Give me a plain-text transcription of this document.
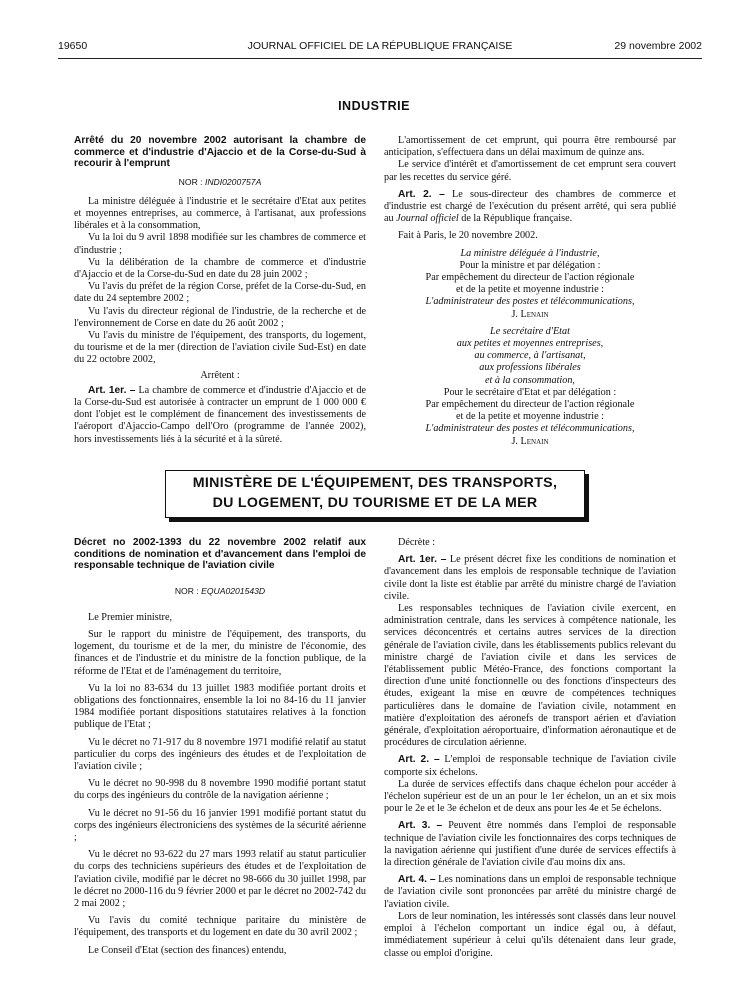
19650	JOURNAL OFFICIEL DE LA RÉPUBLIQUE FRANÇAISE	29 novembre 2002
INDUSTRIE

Arrêté du 20 novembre 2002 autorisant la chambre de commerce et d'industrie d'Ajaccio et de la Corse-du-Sud à recourir à l'emprunt

NOR : INDI0200757A

La ministre déléguée à l'industrie et le secrétaire d'Etat aux petites et moyennes entreprises, au commerce, à l'artisanat, aux professions libérales et à la consommation,

Vu la loi du 9 avril 1898 modifiée sur les chambres de commerce et d'industrie ;

Vu la délibération de la chambre de commerce et d'industrie d'Ajaccio et de la Corse-du-Sud en date du 28 juin 2002 ;

Vu l'avis du préfet de la région Corse, préfet de la Corse-du-Sud, en date du 24 septembre 2002 ;

Vu l'avis du directeur régional de l'industrie, de la recherche et de l'environnement de Corse en date du 26 août 2002 ;

Vu l'avis du ministre de l'équipement, des transports, du logement, du tourisme et de la mer (direction de l'aviation civile Sud-Est) en date du 22 octobre 2002,

Arrêtent :

Art. 1er. – La chambre de commerce et d'industrie d'Ajaccio et de la Corse-du-Sud est autorisée à contracter un emprunt de 1 000 000 € dont l'objet est le complément de financement des investissements de l'aéroport d'Ajaccio-Campo dell'Oro (programme de l'année 2002), hors investissements liés à la sécurité et à la sûreté.

L'amortissement de cet emprunt, qui pourra être remboursé par anticipation, s'effectuera dans un délai maximum de quinze ans.

Le service d'intérêt et d'amortissement de cet emprunt sera couvert par les recettes du service géré.

Art. 2. – Le sous-directeur des chambres de commerce et d'industrie est chargé de l'exécution du présent arrêté, qui sera publié au Journal officiel de la République française.

Fait à Paris, le 20 novembre 2002.

La ministre déléguée à l'industrie,
Pour la ministre et par délégation :
Par empêchement du directeur de l'action régionale
et de la petite et moyenne industrie :
L'administrateur des postes et télécommunications,
J. Lenain
Le secrétaire d'Etat
aux petites et moyennes entreprises,
au commerce, à l'artisanat,
aux professions libérales
et à la consommation,
Pour le secrétaire d'Etat et par délégation :
Par empêchement du directeur de l'action régionale
et de la petite et moyenne industrie :
L'administrateur des postes et télécommunications,
J. Lenain
MINISTÈRE DE L'ÉQUIPEMENT, DES TRANSPORTS,
DU LOGEMENT, DU TOURISME ET DE LA MER

Décret no 2002-1393 du 22 novembre 2002 relatif aux conditions de nomination et d'avancement dans l'emploi de responsable technique de l'aviation civile

NOR : EQUA0201543D

Le Premier ministre,

Sur le rapport du ministre de l'équipement, des transports, du logement, du tourisme et de la mer, du ministre de l'économie, des finances et de l'industrie et du ministre de la fonction publique, de la réforme de l'Etat et de l'aménagement du territoire,

Vu la loi no 83-634 du 13 juillet 1983 modifiée portant droits et obligations des fonctionnaires, ensemble la loi no 84-16 du 11 janvier 1984 modifiée portant dispositions statutaires relatives à la fonction publique de l'Etat ;

Vu le décret no 71-917 du 8 novembre 1971 modifié relatif au statut particulier du corps des ingénieurs des études et de l'exploitation de l'aviation civile ;

Vu le décret no 90-998 du 8 novembre 1990 modifié portant statut du corps des ingénieurs du contrôle de la navigation aérienne ;

Vu le décret no 91-56 du 16 janvier 1991 modifié portant statut du corps des ingénieurs électroniciens des systèmes de la sécurité aérienne ;

Vu le décret no 93-622 du 27 mars 1993 relatif au statut particulier du corps des techniciens supérieurs des études et de l'exploitation de l'aviation civile, modifié par le décret no 98-666 du 30 juillet 1998, par le décret no 2000-116 du 9 février 2000 et par le décret no 2002-742 du 2 mai 2002 ;

Vu l'avis du comité technique paritaire du ministère de l'équipement, des transports et du logement en date du 30 avril 2002 ;

Le Conseil d'Etat (section des finances) entendu,

Décrète :

Art. 1er. – Le présent décret fixe les conditions de nomination et d'avancement dans les emplois de responsable technique de l'aviation civile dont la liste est établie par arrêté du ministre chargé de l'aviation civile.

Les responsables techniques de l'aviation civile exercent, en administration centrale, dans les services à compétence nationale, les services déconcentrés et certains autres services de la direction générale de l'aviation civile, dans les établissements publics relevant du ministre chargé de l'aviation civile et dans les services de l'établissement public Météo-France, des fonctions comportant la direction d'une unité fonctionnelle ou des fonctions d'inspecteurs des études, exigeant la mise en œuvre de compétences techniques particulières dans le domaine de l'aviation civile, notamment en matière d'exploitation des aéronefs de transport aérien et d'aviation générale, d'exploitation aéroportuaire, d'information aéronautique et de procédures de circulation aérienne.

Art. 2. – L'emploi de responsable technique de l'aviation civile comporte six échelons.

La durée de services effectifs dans chaque échelon pour accéder à l'échelon supérieur est de un an pour le 1er échelon, un an et six mois pour le 2e et le 3e échelon et de deux ans pour les 4e et 5e échelons.

Art. 3. – Peuvent être nommés dans l'emploi de responsable technique de l'aviation civile les fonctionnaires des corps techniques de la navigation aérienne qui justifient d'une durée de services effectifs à la direction générale de l'aviation civile d'au moins dix ans.

Art. 4. – Les nominations dans un emploi de responsable technique de l'aviation civile sont prononcées par arrêté du ministre chargé de l'aviation civile.

Lors de leur nomination, les intéressés sont classés dans leur nouvel emploi à l'échelon comportant un indice égal ou, à défaut, immédiatement supérieur à celui qu'ils détenaient dans leur grade, classe ou emploi d'origine.
